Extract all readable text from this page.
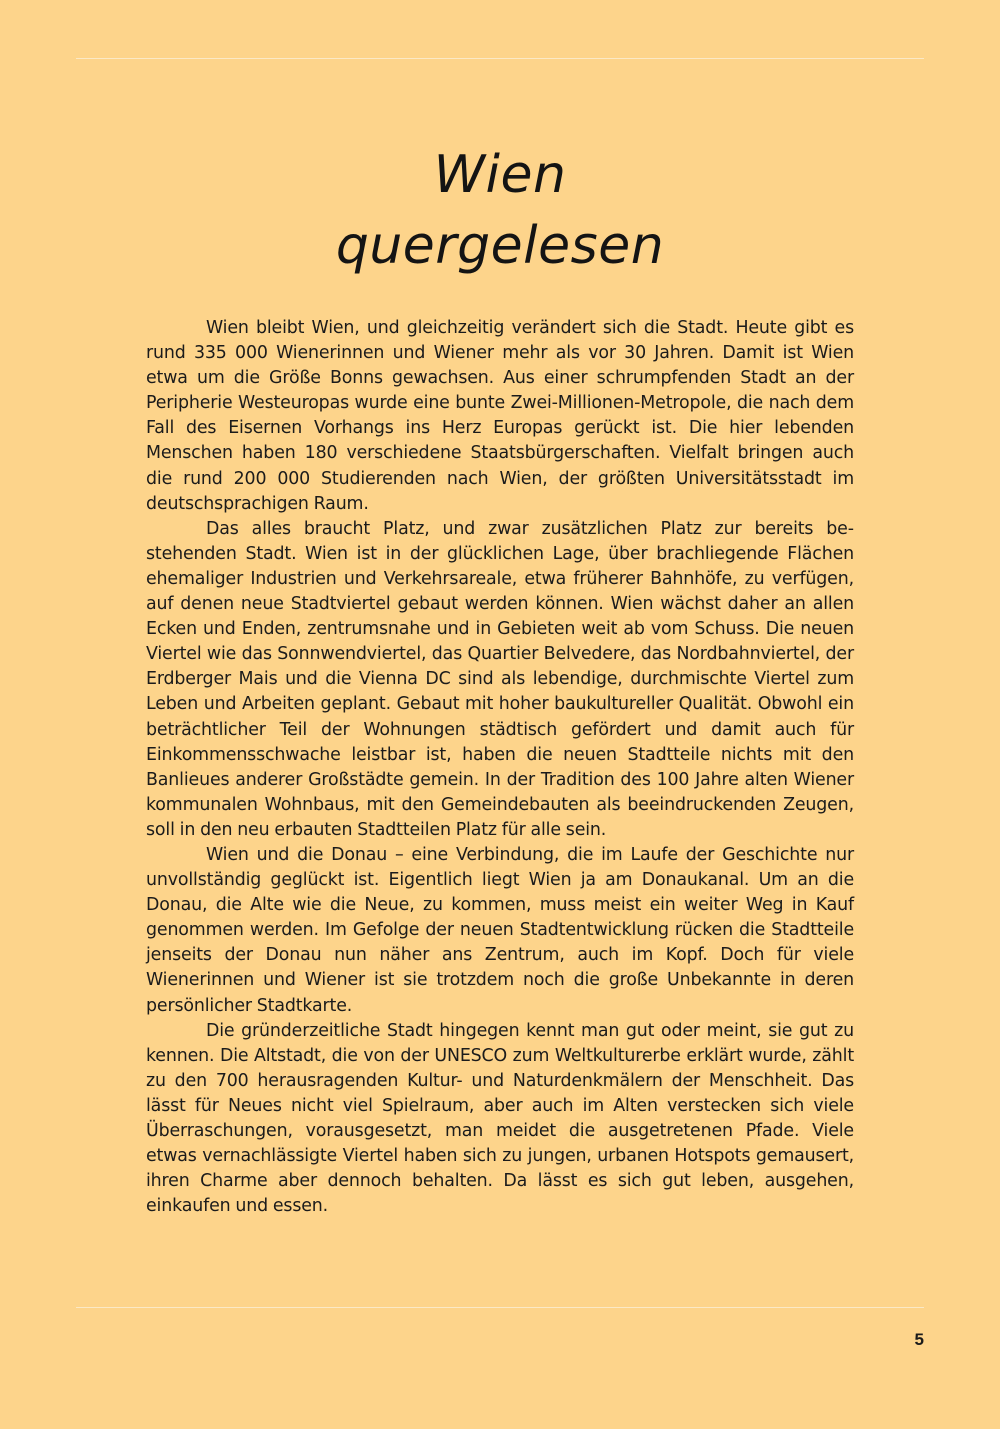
Wien
quergelesen

Wien bleibt Wien, und gleichzeitig verändert sich die Stadt. Heute gibt es rund 335 000 Wienerinnen und Wiener mehr als vor 30 Jahren. Damit ist Wien etwa um die Größe Bonns gewachsen. Aus einer schrumpfenden Stadt an der Peripherie Westeuropas wurde eine bunte Zwei-Millionen-Metropole, die nach dem Fall des Eisernen Vorhangs ins Herz Europas gerückt ist. Die hier lebenden Menschen haben 180 verschiedene Staatsbürgerschaften. Vielfalt bringen auch die rund 200 000 Studierenden nach Wien, der größten Universitätsstadt im deutschsprachigen Raum.

Das alles braucht Platz, und zwar zusätzlichen Platz zur bereits bestehenden Stadt. Wien ist in der glücklichen Lage, über brachliegende Flächen ehemaliger Industrien und Verkehrsareale, etwa früherer Bahnhöfe, zu verfügen, auf denen neue Stadtviertel gebaut werden können. Wien wächst daher an allen Ecken und Enden, zentrumsnahe und in Gebieten weit ab vom Schuss. Die neuen Viertel wie das Sonnwendviertel, das Quartier Belvedere, das Nordbahnviertel, der Erdberger Mais und die Vienna DC sind als lebendige, durchmischte Viertel zum Leben und Arbeiten geplant. Gebaut mit hoher baukultureller Qualität. Obwohl ein beträchtlicher Teil der Wohnungen städtisch gefördert und damit auch für Einkommensschwache leistbar ist, haben die neuen Stadtteile nichts mit den Banlieues anderer Großstädte gemein. In der Tradition des 100 Jahre alten Wiener kommunalen Wohnbaus, mit den Gemeindebauten als beeindruckenden Zeugen, soll in den neu erbauten Stadtteilen Platz für alle sein.

Wien und die Donau – eine Verbindung, die im Laufe der Geschichte nur unvollständig geglückt ist. Eigentlich liegt Wien ja am Donaukanal. Um an die Donau, die Alte wie die Neue, zu kommen, muss meist ein weiter Weg in Kauf genommen werden. Im Gefolge der neuen Stadtentwicklung rücken die Stadtteile jenseits der Donau nun näher ans Zentrum, auch im Kopf. Doch für viele Wienerinnen und Wiener ist sie trotzdem noch die große Unbekannte in deren persönlicher Stadtkarte.

Die gründerzeitliche Stadt hingegen kennt man gut oder meint, sie gut zu kennen. Die Altstadt, die von der UNESCO zum Weltkulturerbe erklärt wurde, zählt zu den 700 herausragenden Kultur- und Naturdenkmälern der Menschheit. Das lässt für Neues nicht viel Spielraum, aber auch im Alten verstecken sich viele Überraschungen, vorausgesetzt, man meidet die ausgetretenen Pfade. Viele etwas vernachlässigte Viertel haben sich zu jungen, urbanen Hotspots gemausert, ihren Charme aber dennoch behalten. Da lässt es sich gut leben, ausgehen, einkaufen und essen.

5
